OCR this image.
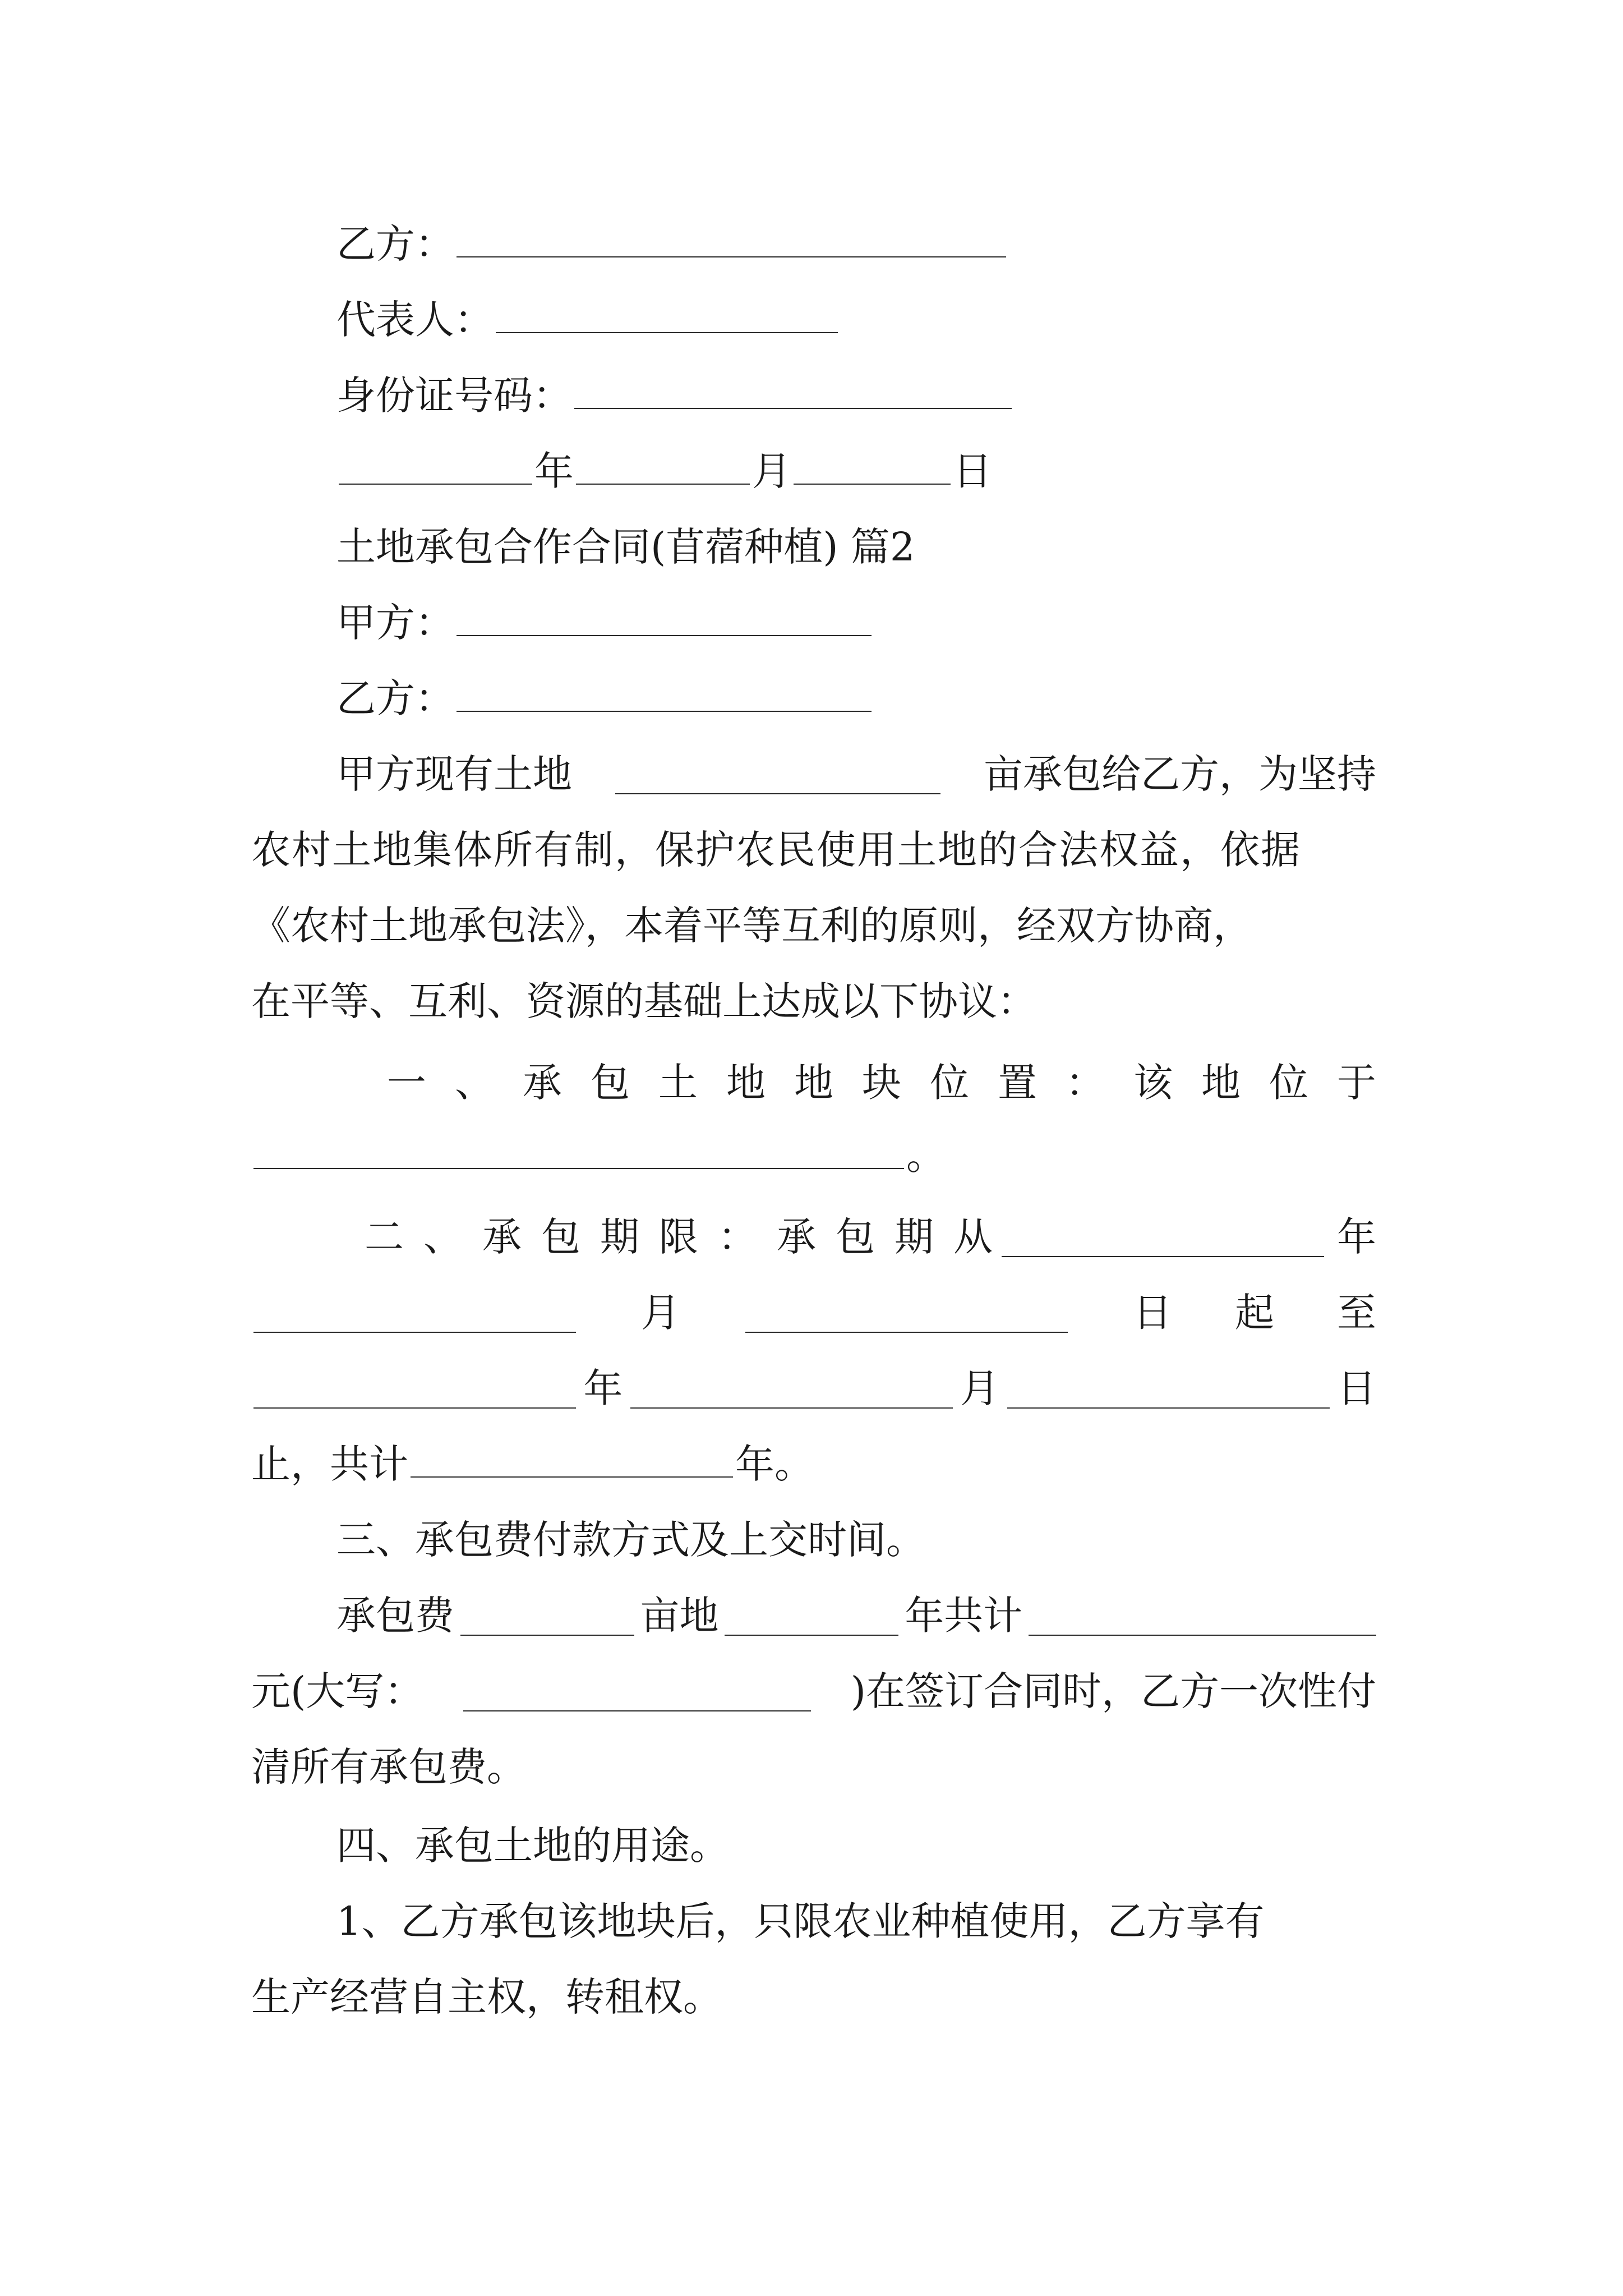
乙方：
代表人：
身份证号码：
年	月	日
土地承包合作合同(苜蓿种植) 篇2
甲方：
乙方：
甲方现有土地	亩承包给乙方，为坚持
农村土地集体所有制，保护农民使用土地的合法权益，依据
《农村土地承包法》，本着平等互利的原则，经双方协商，
在平等、互利、资源的基础上达成以下协议：
一 、 承 包 土 地 地 块 位 置 ： 该 地 位 于
。
二 、 承 包 期 限 ： 承 包 期 从	年
月	日 起 至
年	月	日
止，共计	年。
三、承包费付款方式及上交时间。
承包费	亩地	年共计
元(大写：	)在签订合同时，乙方一次性付
清所有承包费。
四、承包土地的用途。
1、乙方承包该地块后，只限农业种植使用，乙方享有
生产经营自主权，转租权。
